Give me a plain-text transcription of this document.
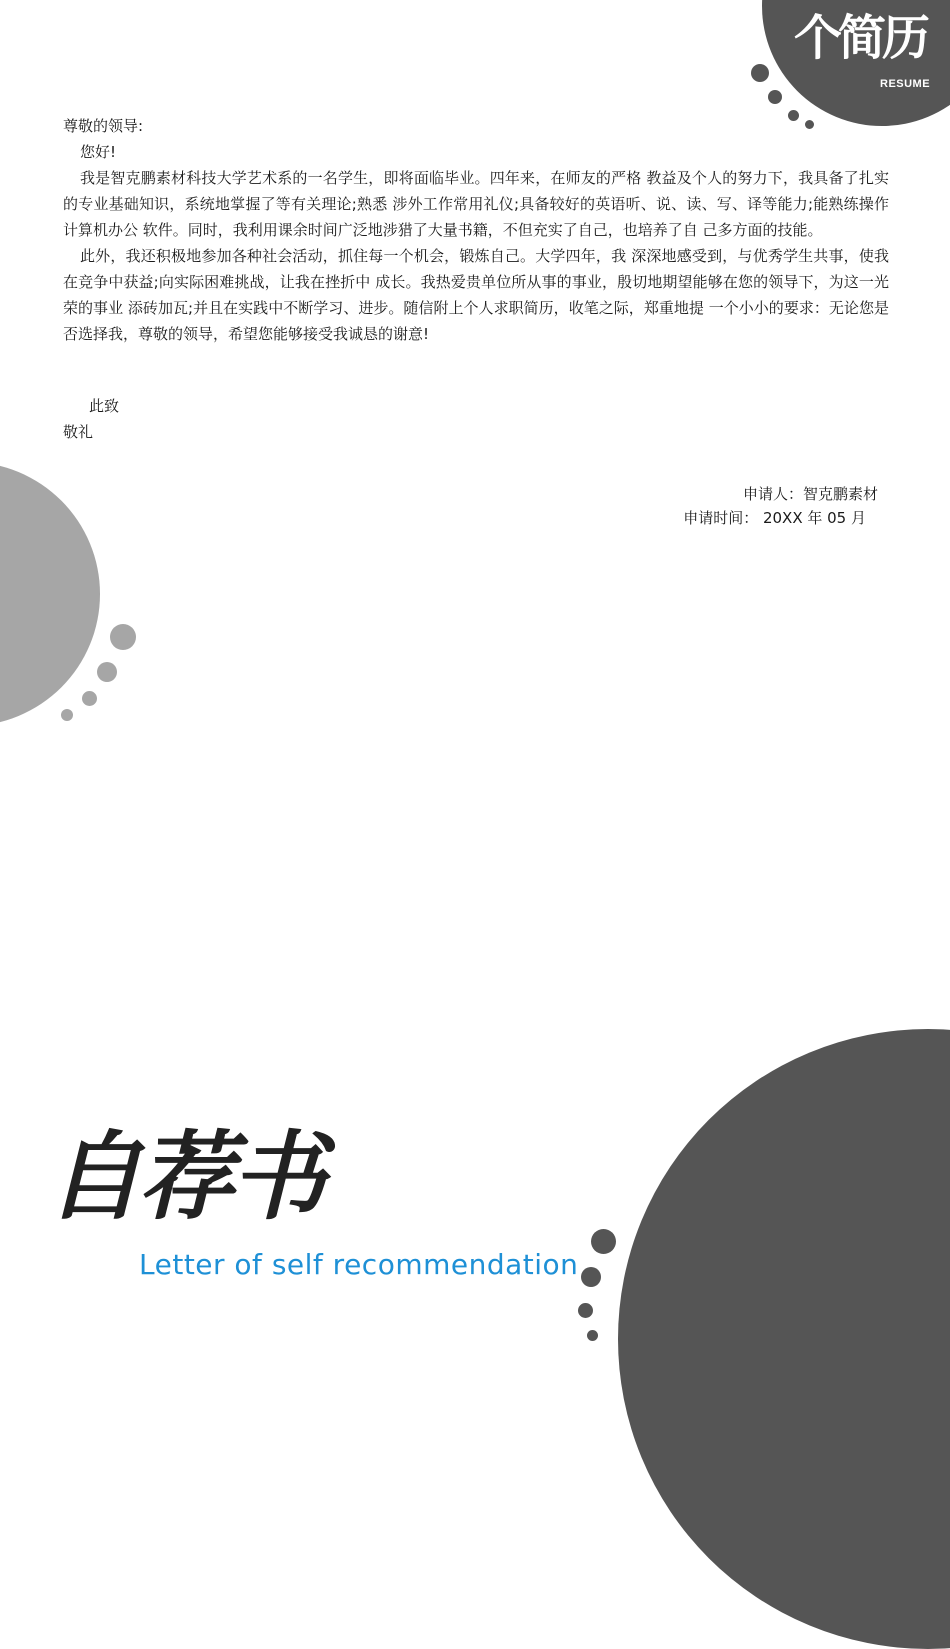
个简历
RESUME

尊敬的领导:

您好!

我是智克鹏素材科技大学艺术系的一名学生，即将面临毕业。四年来，在师友的严格 教益及个人的努力下，我具备了扎实的专业基础知识，系统地掌握了等有关理论;熟悉 涉外工作常用礼仪;具备较好的英语听、说、读、写、译等能力;能熟练操作计算机办公 软件。同时，我利用课余时间广泛地涉猎了大量书籍，不但充实了自己，也培养了自 己多方面的技能。

此外，我还积极地参加各种社会活动，抓住每一个机会，锻炼自己。大学四年，我 深深地感受到，与优秀学生共事，使我在竞争中获益;向实际困难挑战，让我在挫折中 成长。我热爱贵单位所从事的事业，殷切地期望能够在您的领导下，为这一光荣的事业 添砖加瓦;并且在实践中不断学习、进步。随信附上个人求职简历，收笔之际，郑重地提 一个小小的要求：无论您是否选择我，尊敬的领导，希望您能够接受我诚恳的谢意!

此致

敬礼

申请人：智克鹏素材

申请时间： 20XX 年 05 月

自荐书
Letter of self recommendation
